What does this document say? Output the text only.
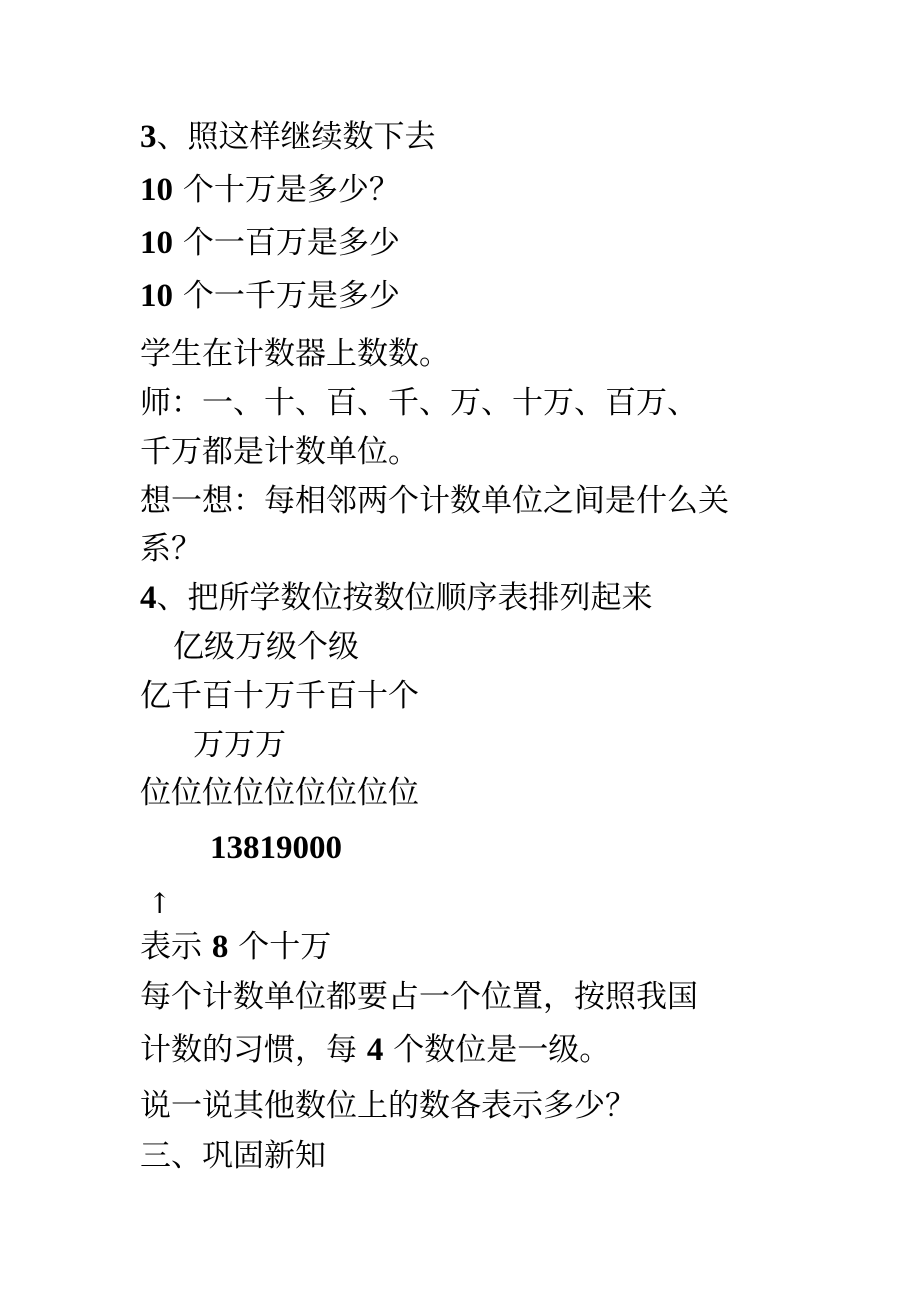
3、照这样继续数下去
10 个十万是多少？
10 个一百万是多少
10 个一千万是多少
学生在计数器上数数。
师：一、十、百、千、万、十万、百万、
千万都是计数单位。
想一想：每相邻两个计数单位之间是什么关
系？
4、把所学数位按数位顺序表排列起来
亿级万级个级
亿千百十万千百十个
万万万
位位位位位位位位位
13819000
↑
表示 8 个十万
每个计数单位都要占一个位置，按照我国
计数的习惯，每 4 个数位是一级。
说一说其他数位上的数各表示多少？
三、巩固新知
